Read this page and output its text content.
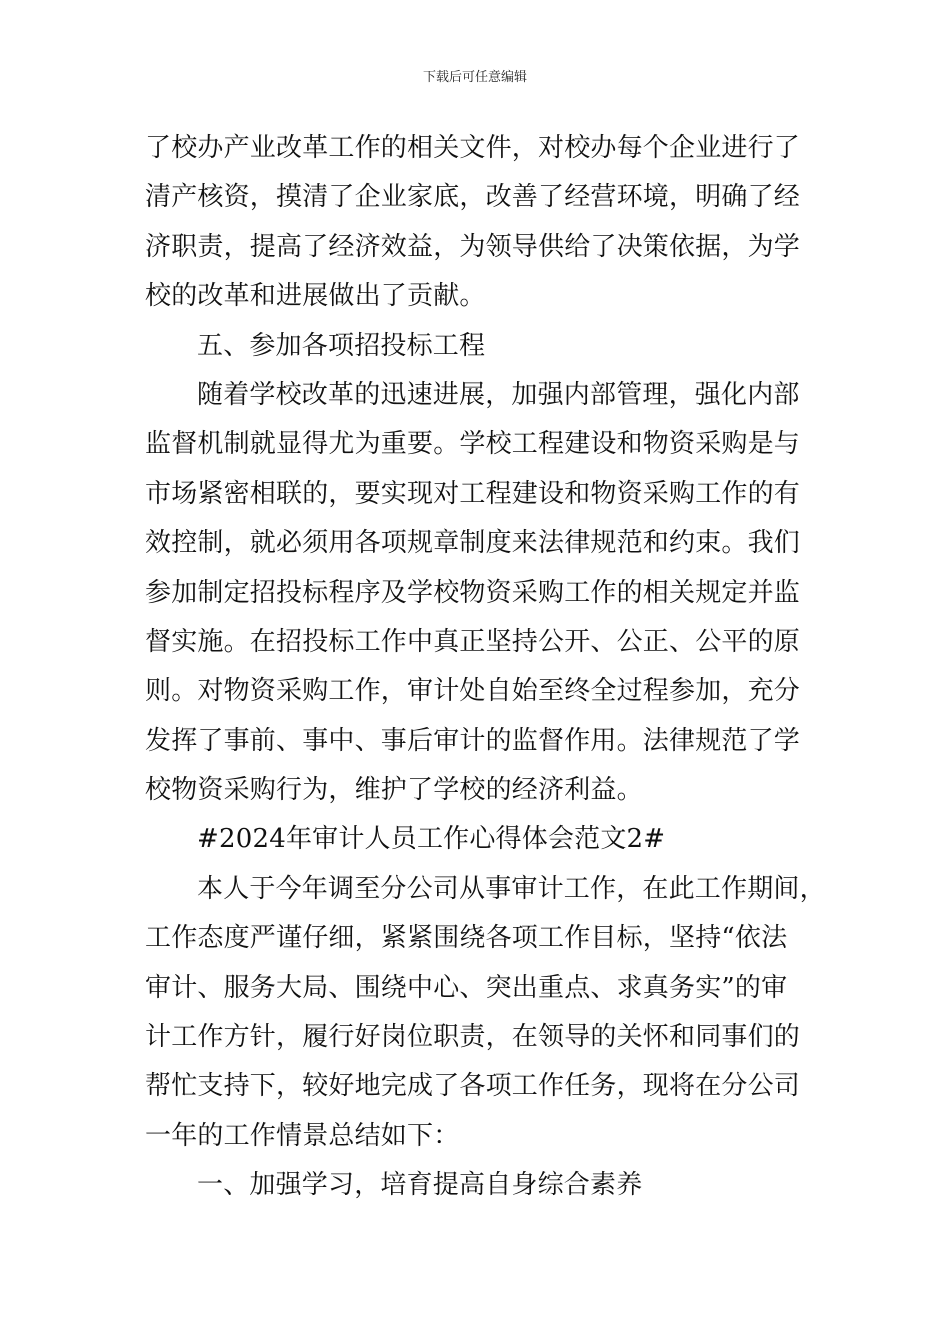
下载后可任意编辑
了校办产业改革工作的相关文件，对校办每个企业进行了
清产核资，摸清了企业家底，改善了经营环境，明确了经
济职责，提高了经济效益，为领导供给了决策依据，为学
校的改革和进展做出了贡献。
五、参加各项招投标工程
随着学校改革的迅速进展，加强内部管理，强化内部
监督机制就显得尤为重要。学校工程建设和物资采购是与
市场紧密相联的，要实现对工程建设和物资采购工作的有
效控制，就必须用各项规章制度来法律规范和约束。我们
参加制定招投标程序及学校物资采购工作的相关规定并监
督实施。在招投标工作中真正坚持公开、公正、公平的原
则。对物资采购工作，审计处自始至终全过程参加，充分
发挥了事前、事中、事后审计的监督作用。法律规范了学
校物资采购行为，维护了学校的经济利益。
#2024年审计人员工作心得体会范文2#
本人于今年调至分公司从事审计工作，在此工作期间，
工作态度严谨仔细，紧紧围绕各项工作目标，坚持“依法
审计、服务大局、围绕中心、突出重点、求真务实”的审
计工作方针，履行好岗位职责，在领导的关怀和同事们的
帮忙支持下，较好地完成了各项工作任务，现将在分公司
一年的工作情景总结如下：
一、加强学习，培育提高自身综合素养
